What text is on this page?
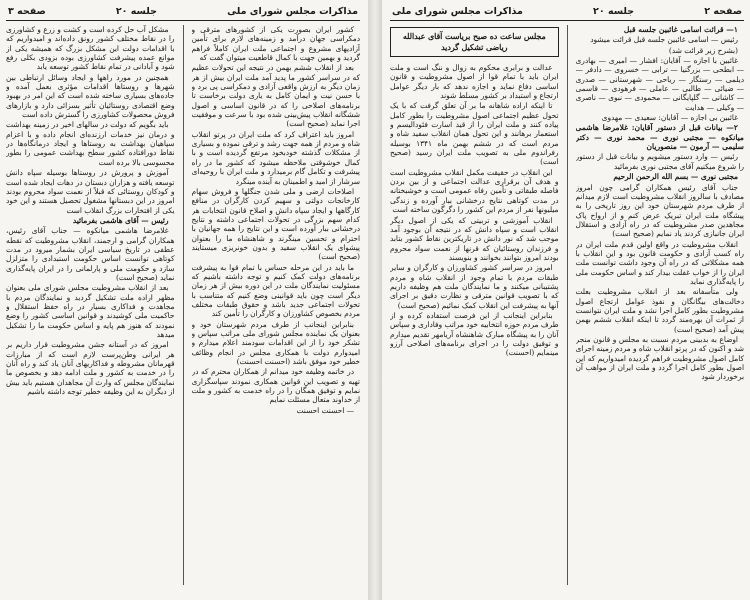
مذاکرات مجلس شورای ملی
جلسه ۲۰
صفحه ۳

کشور ایران بصورت یکی از کشورهای مترقی و دمکراسی جهان درآمد و زمینه‌های لازم برای تأمین آزادیهای مشروع و اجتماعی ملت ایران کاملاً فراهم گردید و بهمین جهت با کمال قاطعیت میتوان گفت که

بعد از انقلاب ششم بهمن در نتیجه این تحولات عظیم که در سراسر کشور ما پدید آمد ملت ایران بیش از هر زمان دیگر به ارزش واقعی آزادی و دمکراسی پی برد و با حسن نیت و ایمان کامل به یاری دولت برخاست تا برنامه‌های اصلاحی را که در قانون اساسی و اصول ششگانه انقلاب پیش‌بینی شده بود با سرعت و موفقیت اجرا نماید (صحیح است)

امروز باید اعتراف کرد که ملت ایران در پرتو انقلاب شاه و مردم از همه جهت رشد و ترقی نموده و بسیاری از مشکلات گذشته خودبخود مرتفع گردیده است و با کمال خوشوقتی ملاحظه میشود که کشور ما در راه پیشرفت و تکامل گام برمیدارد و ملت ایران با روحیه‌ای سرشار از امید و اطمینان به آینده مینگرد

اصلاحات ارضی و ملی شدن جنگلها و فروش سهام کارخانجات دولتی و سهیم کردن کارگران در منافع کارگاهها و ایجاد سپاه دانش و اصلاح قانون انتخابات هر کدام سهم بزرگی در تحولات اجتماعی داشته و نتایج درخشانی ببار آورده است و این نتایج را همه جهانیان با احترام و تحسین مینگرند و شاهنشاه ما را بعنوان پیشوای یک انقلاب سفید و بدون خونریزی میستایند (صحیح است)

ما باید در این مرحله حساس با تمام قوا به پیشرفت برنامه‌های دولت کمک کنیم و توجه داشته باشیم که مسئولیت نمایندگان ملت در این دوره بیش از هر زمان دیگر است چون باید قوانینی وضع کنیم که متناسب با تحولات اجتماعی جدید باشد و حقوق طبقات مختلف مردم بخصوص کشاورزان و کارگران را تأمین کند

بنابراین اینجانب از طرف مردم شهرستان خود و بعنوان یک نماینده مجلس شورای ملی مراتب سپاس و تشکر خود را از این اقدامات سودمند اعلام میدارم و امیدوارم دولت با همکاری مجلس در انجام وظائف خطیر خود موفق باشد (احسنت احسنت)

در خاتمه وظیفه خود میدانم از همکاران محترم که در تهیه و تصویب این قوانین همکاری نمودند سپاسگزاری نمایم و توفیق همگان را در راه خدمت به کشور و ملت از خداوند متعال مسئلت نمایم

— احسنت احسنت

مشکل آب حل کرده است و کشت و زرع و کشاورزی را در نقاط مختلف کشور رونق داده‌اند و امیدواریم که با اقدامات دولت این مشکل بزرگ که همیشه یکی از موانع عمده پیشرفت کشاورزی بوده بزودی بکلی رفع شود و آبادانی در تمام نقاط کشور توسعه یابد

همچنین در مورد راهها و ایجاد وسائل ارتباطی بین شهرها و روستاها اقدامات مؤثری بعمل آمده و جاده‌های بسیاری ساخته شده است که این امر در بهبود وضع اقتصادی روستائیان تأثیر بسزائی دارد و بازارهای فروش محصولات کشاورزی را گسترش داده است

باید بگویم که دولت در سالهای اخیر در زمینه بهداشت و درمان نیز خدمات ارزنده‌ای انجام داده و با اعزام سپاهیان بهداشت به روستاها و ایجاد درمانگاه‌ها در نقاط دورافتاده کشور سطح بهداشت عمومی را بطور محسوسی بالا برده است

آموزش و پرورش در روستاها بوسیله سپاه دانش توسعه یافته و هزاران دبستان در دهات ایجاد شده است و کودکان روستائی که قبلاً از نعمت سواد محروم بودند امروز در این دبستانها مشغول تحصیل هستند و این خود یکی از افتخارات بزرگ انقلاب است

رئیس — آقای هاشمی بفرمائید

غلامرضا هاشمی میانکوه — جناب آقای رئیس، همکاران گرامی و ارجمند، انقلاب مشروطیت که نقطه عطفی در تاریخ سیاسی ایران بشمار میرود در مدت کوتاهی توانست اساس حکومت استبدادی را متزلزل سازد و حکومت ملی و پارلمانی را در ایران پایه‌گذاری نماید (صحیح است)

بعد از انقلاب مشروطیت مجلس شورای ملی بعنوان مظهر اراده ملت تشکیل گردید و نمایندگان مردم با مجاهدت و فداکاری بسیار در راه حفظ استقلال و حاکمیت ملی کوشیدند و قوانین اساسی کشور را وضع نمودند که هنوز هم پایه و اساس حکومت ما را تشکیل میدهد

امروز که در آستانه جشن مشروطیت قرار داریم بر هر ایرانی وطن‌پرست لازم است که از مبارزات قهرمانان مشروطه و فداکاریهای آنان یاد کند و راه آنان را در خدمت به کشور و ملت ادامه دهد و بخصوص ما نمایندگان مجلس که وارث آن مجاهدان هستیم باید بیش از دیگران به این وظیفه خطیر توجه داشته باشیم

صفحه ۲
جلسه ۲۰
مذاکرات مجلس شورای ملی

۱— قرائت اسامی غائبین جلسه قبل

رئیس — اسامی غائبین جلسه قبل قرائت میشود

(بشرح زیر قرائت شد)

غائبین با اجازه — آقایان: افشار — امیری — بهادری — ابطحی — بزرگنیا — ترابی — خسروی — دادفر — دیلمی — رستگار — ریاحی — شهرستانی — صدری — ضیائی — طالبی — عاملی — فرهودی — قاسمی — کاشانی — گلپایگانی — محمودی — نبوی — ناصری — وکیلی — هدایت

غائبین بی اجازه — آقایان: سعیدی — مهدوی

۲— بیانات قبل از دستور آقایان: غلامرضا هاشمی میانکوه — مجتبی نوری — محمد نوری — دکتر سلیمی — آرمون — منصوریان

رئیس — وارد دستور میشویم و بیانات قبل از دستور را شروع میکنیم آقای مجتبی نوری بفرمائید

مجتبی نوری — بسم الله الرحمن الرحیم

جناب آقای رئیس همکاران گرامی چون امروز مصادف با سالروز انقلاب مشروطیت است لازم میدانم از طرف مردم شهرستان خود این روز تاریخی را به پیشگاه ملت ایران تبریک عرض کنم و از ارواح پاک مجاهدین صدر مشروطیت که در راه آزادی و استقلال ایران جانبازی کردند یاد نمایم (صحیح است)

انقلاب مشروطیت در واقع اولین قدم ملت ایران در راه کسب آزادی و حکومت قانون بود و این انقلاب با همه مشکلاتی که در راه آن وجود داشت توانست ملت ایران را از خواب غفلت بیدار کند و اساس حکومت ملی را پایه‌گذاری نماید

ولی متأسفانه بعد از انقلاب مشروطیت بعلت دخالت‌های بیگانگان و نفوذ عوامل ارتجاع اصول مشروطیت بطور کامل اجرا نشد و ملت ایران نتوانست از ثمرات آن بهره‌مند گردد تا اینکه انقلاب ششم بهمن پیش آمد (صحیح است)

اوضاع به بدبینی مردم نسبت به مجلس و قانون منجر شد و اکنون که در پرتو انقلاب شاه و مردم زمینه اجرای کامل اصول مشروطیت فراهم گردیده امیدواریم که این اصول بطور کامل اجرا گردد و ملت ایران از مواهب آن برخوردار شود

مجلس ساعت ده صبح برياست آقای عبدالله رياضی تشكيل گرديد

عدالت و برابری محکوم به زوال و ننگ است و ملت ایران باید با تمام قوا از اصول مشروطیت و قانون اساسی دفاع نماید و اجازه ندهد که بار دیگر عوامل ارتجاع و استبداد بر کشور مسلط شوند

تا اینکه اراده شاهانه ما بر آن تعلق گرفت که با یک تحول عظیم اجتماعی اصول مشروطیت را بطور کامل پیاده کنند و ملت ایران را از قید اسارت فئودالیسم و استعمار برهانند و این تحول همان انقلاب سفید شاه و مردم است که در ششم بهمن ماه ۱۳۴۱ بوسیله رفراندوم ملی به تصویب ملت ایران رسید (صحیح است)

این انقلاب در حقیقت مکمل انقلاب مشروطیت است و هدف آن برقراری عدالت اجتماعی و از بین بردن فاصله طبقاتی و تأمین رفاه عمومی است و خوشبختانه در مدت کوتاهی نتایج درخشانی ببار آورده و زندگی میلیونها نفر از مردم این کشور را دگرگون ساخته است

انقلاب آموزشی و تربیتی که یکی از اصول دیگر انقلاب است و سپاه دانش که در نتیجه آن بوجود آمد موجب شد که نور دانش در تاریکترین نقاط کشور بتابد و فرزندان روستائیان که قرنها از نعمت سواد محروم بودند امروز بتوانند بخوانند و بنویسند

امروز در سراسر کشور کشاورزان و کارگران و سایر طبقات مردم با تمام وجود از انقلاب شاه و مردم پشتیبانی میکنند و ما نمایندگان ملت هم وظیفه داریم که با تصویب قوانین مترقی و نظارت دقیق بر اجرای آنها به پیشرفت این انقلاب کمک نمائیم (صحیح است)

بنابراین اینجانب از این فرصت استفاده کرده و از طرف مردم حوزه انتخابیه خود مراتب وفاداری و سپاس آنان را به پیشگاه مبارک شاهنشاه آریامهر تقدیم میدارم و توفیق دولت را در اجرای برنامه‌های اصلاحی آرزو مینمایم (احسنت)
